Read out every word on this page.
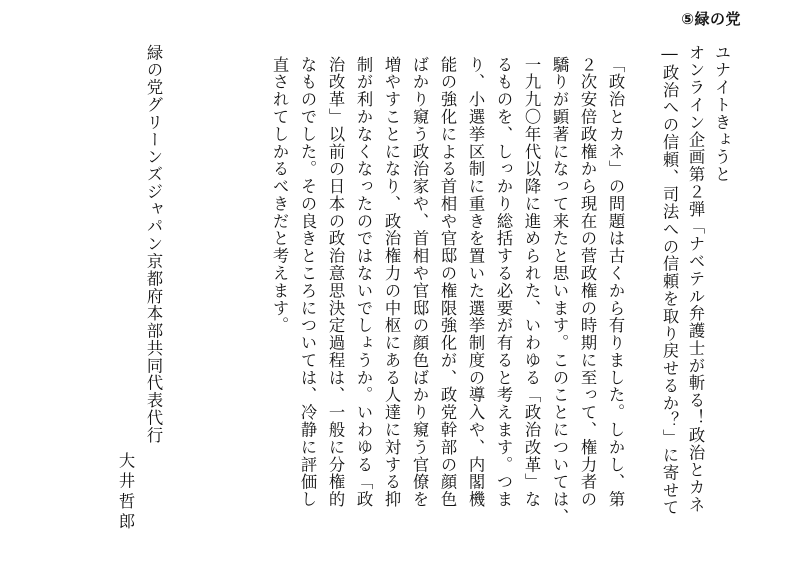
⑤緑の党
ユナイトきょうと
オンライン企画第２弾「ナベテル弁護士が斬る！政治とカネ
―政治への信頼、司法への信頼を取り戻せるか？」に寄せて
「政治とカネ」の問題は古くから有りました。しかし、第
２次安倍政権から現在の菅政権の時期に至って、権力者の
驕りが顕著になって来たと思います。このことについては、
一九九〇年代以降に進められた、いわゆる「政治改革」な
るものを、しっかり総括する必要が有ると考えます。つま
り、小選挙区制に重きを置いた選挙制度の導入や、内閣機
能の強化による首相や官邸の権限強化が、政党幹部の顔色
ばかり窺う政治家や、首相や官邸の顔色ばかり窺う官僚を
増やすことになり、政治権力の中枢にある人達に対する抑
制が利かなくなったのではないでしょうか。いわゆる「政
治改革」以前の日本の政治意思決定過程は、一般に分権的
なものでした。その良きところについては、冷静に評価し
直されてしかるべきだと考えます。
緑の党グリーンズジャパン京都府本部共同代表代行
大井哲郎
